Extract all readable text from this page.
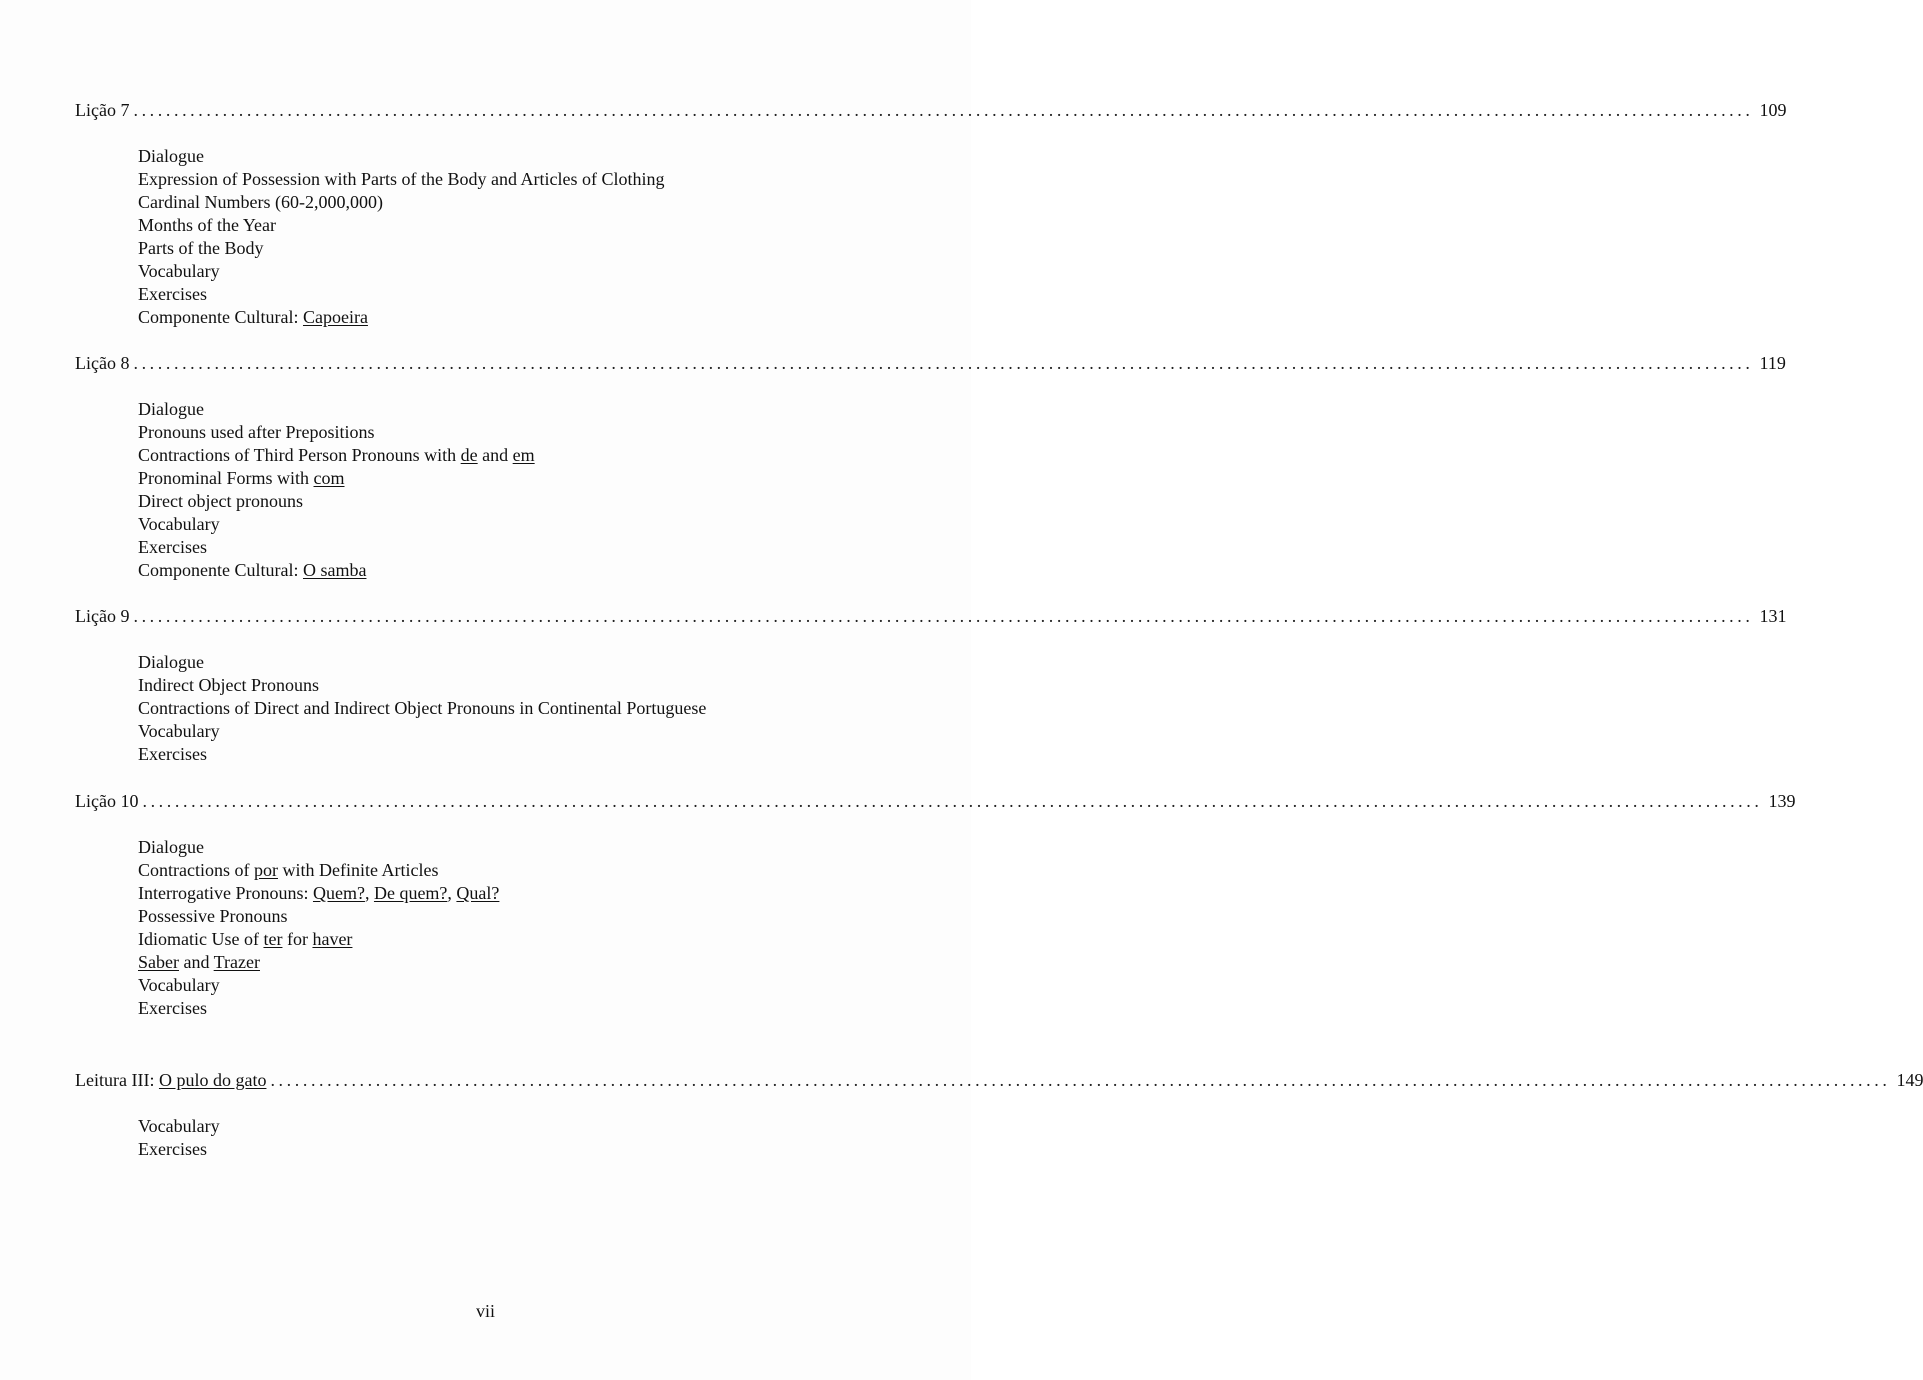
Lição 7 ........................................................................................................................................................................................................ 109
Dialogue
Expression of Possession with Parts of the Body and Articles of Clothing
Cardinal Numbers (60-2,000,000)
Months of the Year
Parts of the Body
Vocabulary
Exercises
Componente Cultural: Capoeira
Lição 8 ........................................................................................................................................................................................................ 119
Dialogue
Pronouns used after Prepositions
Contractions of Third Person Pronouns with de and em
Pronominal Forms with com
Direct object pronouns
Vocabulary
Exercises
Componente Cultural: O samba
Lição 9 ........................................................................................................................................................................................................ 131
Dialogue
Indirect Object Pronouns
Contractions of Direct and Indirect Object Pronouns in Continental Portuguese
Vocabulary
Exercises
Lição 10 ........................................................................................................................................................................................................ 139
Dialogue
Contractions of por with Definite Articles
Interrogative Pronouns: Quem?, De quem?, Qual?
Possessive Pronouns
Idiomatic Use of ter for haver
Saber and Trazer
Vocabulary
Exercises
Leitura III: O pulo do gato ........................................................................................................................................................................................................ 149
Vocabulary
Exercises
vii
